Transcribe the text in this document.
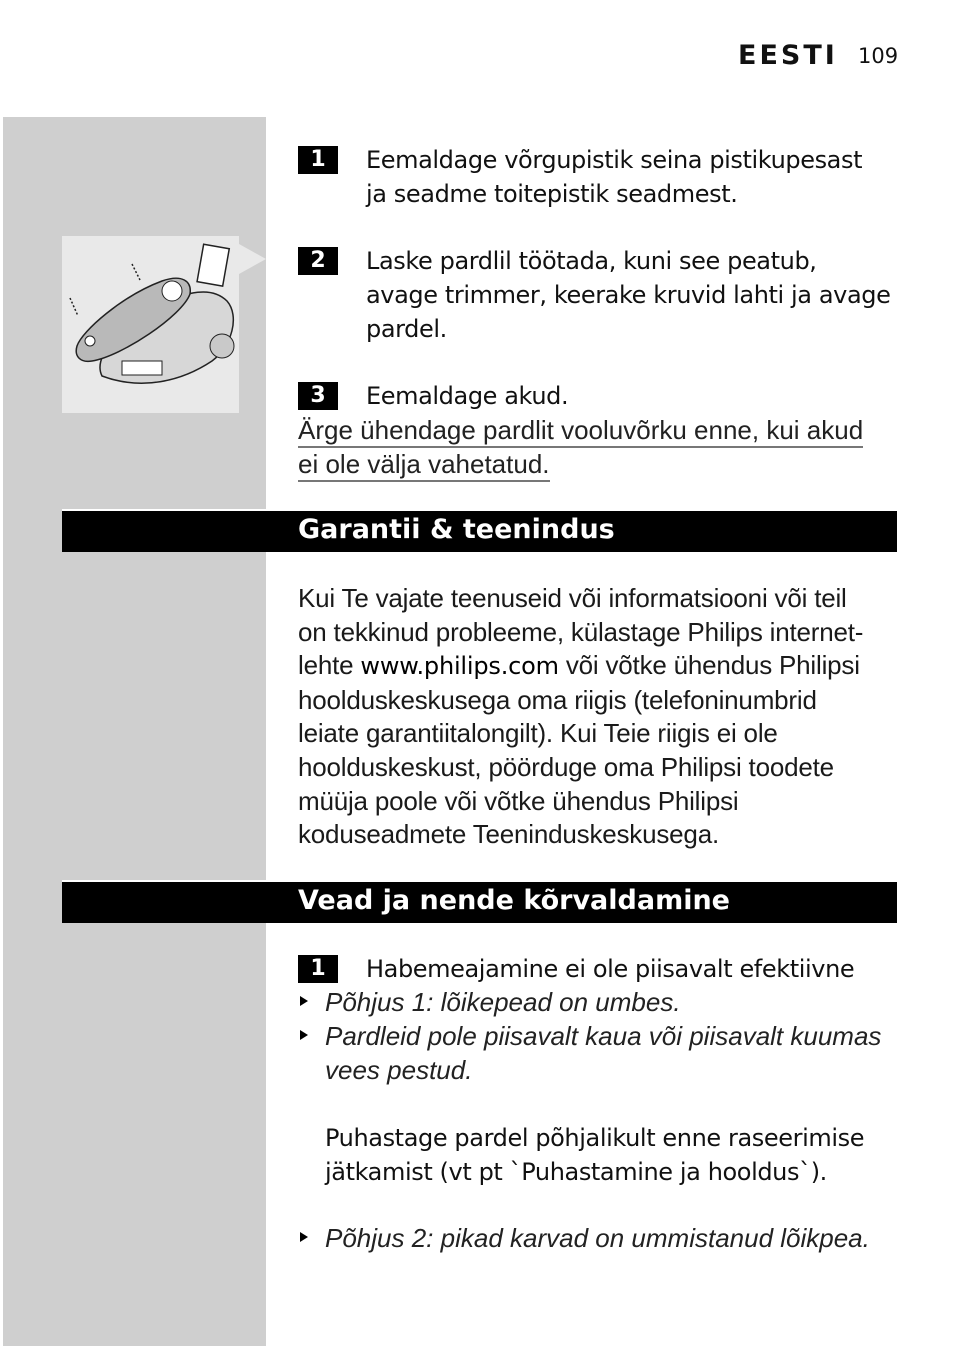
EESTI 109
1	Eemaldage võrgupistik seina pistikupesast
ja seadme toitepistik seadmest.
2	Laske pardlil töötada, kuni see peatub,
avage trimmer, keerake kruvid lahti ja avage
pardel.
3	Eemaldage akud.
Ärge ühendage pardlit vooluvõrku enne, kui akud
ei ole välja vahetatud.
Garantii & teenindus
Kui Te vajate teenuseid või informatsiooni või teil
on tekkinud probleeme, külastage Philips internet-
lehte www.philips.com või võtke ühendus Philipsi
hoolduskeskusega oma riigis (telefoninumbrid
leiate garantiitalongilt). Kui Teie riigis ei ole
hoolduskeskust, pöörduge oma Philipsi toodete
müüja poole või võtke ühendus Philipsi
koduseadmete Teeninduskeskusega.
Vead ja nende kõrvaldamine
1	Habemeajamine ei ole piisavalt efektiivne
Põhjus 1: lõikepead on umbes.
Pardleid pole piisavalt kaua või piisavalt kuumas
vees pestud.
Puhastage pardel põhjalikult enne raseerimise
jätkamist (vt pt `Puhastamine ja hooldus`).
Põhjus 2: pikad karvad on ummistanud lõikpea.
